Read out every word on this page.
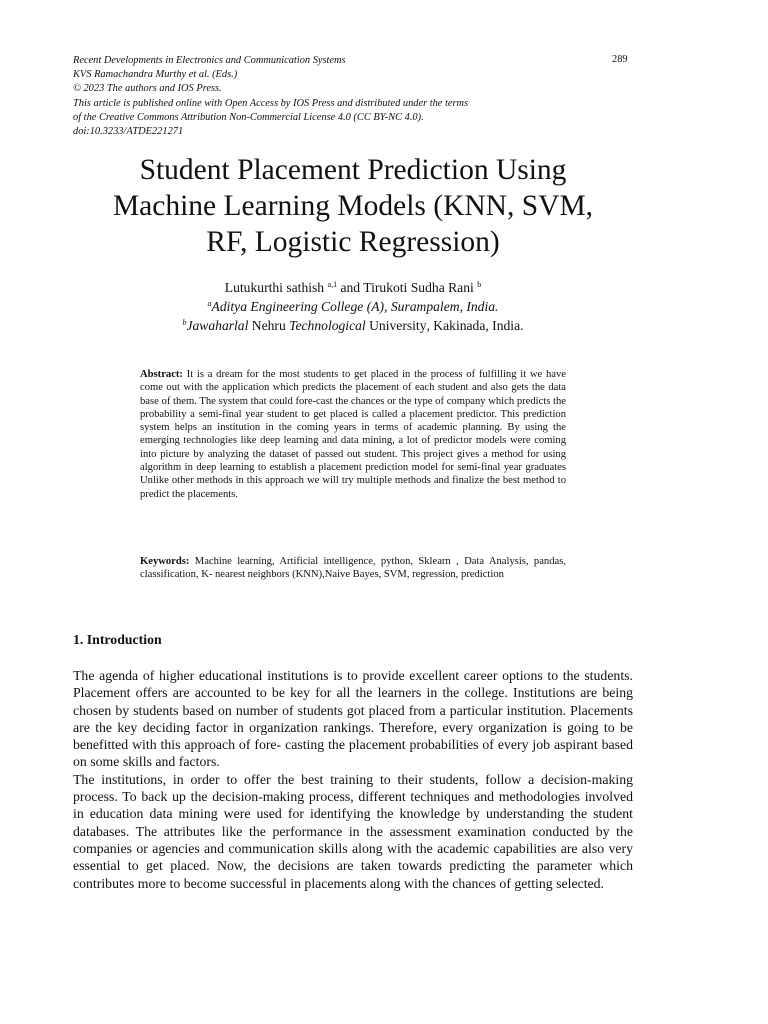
Recent Developments in Electronics and Communication Systems
KVS Ramachandra Murthy et al. (Eds.)
© 2023 The authors and IOS Press.
This article is published online with Open Access by IOS Press and distributed under the terms
of the Creative Commons Attribution Non-Commercial License 4.0 (CC BY-NC 4.0).
doi:10.3233/ATDE221271
289
Student Placement Prediction Using
Machine Learning Models (KNN, SVM,
RF, Logistic Regression)
Lutukurthi sathish $^{a,1}$ and Tirukoti Sudha Rani $^b$
$^a$Aditya Engineering College (A), Surampalem, India.
$^b$Jawaharlal Nehru Technological University, Kakinada, India.
Abstract: It is a dream for the most students to get placed in the process of fulfilling it we have come out with the application which predicts the placement of each student and also gets the data base of them. The system that could fore-cast the chances or the type of company which predicts the probability a semi-final year student to get placed is called a placement predictor. This prediction system helps an institution in the coming years in terms of academic planning. By using the emerging technologies like deep learning and data mining, a lot of predictor models were coming into picture by analyzing the dataset of passed out student. This project gives a method for using algorithm in deep learning to establish a placement prediction model for semi-final year graduates Unlike other methods in this approach we will try multiple methods and finalize the best method to predict the placements.
Keywords: Machine learning, Artificial intelligence, python, Sklearn , Data Analysis, pandas, classification, K- nearest neighbors (KNN),Naive Bayes, SVM, regression, prediction
1. Introduction

The agenda of higher educational institutions is to provide excellent career options to the students. Placement offers are accounted to be key for all the learners in the college. Institutions are being chosen by students based on number of students got placed from a particular institution. Placements are the key deciding factor in organization rankings. Therefore, every organization is going to be benefitted with this approach of fore- casting the placement probabilities of every job aspirant based on some skills and factors.

The institutions, in order to offer the best training to their students, follow a decision-making process. To back up the decision-making process, different techniques and methodologies involved in education data mining were used for identifying the knowledge by understanding the student databases. The attributes like the performance in the assessment examination conducted by the companies or agencies and communication skills along with the academic capabilities are also very essential to get placed. Now, the decisions are taken towards predicting the parameter which contributes more to become successful in placements along with the chances of getting selected.
